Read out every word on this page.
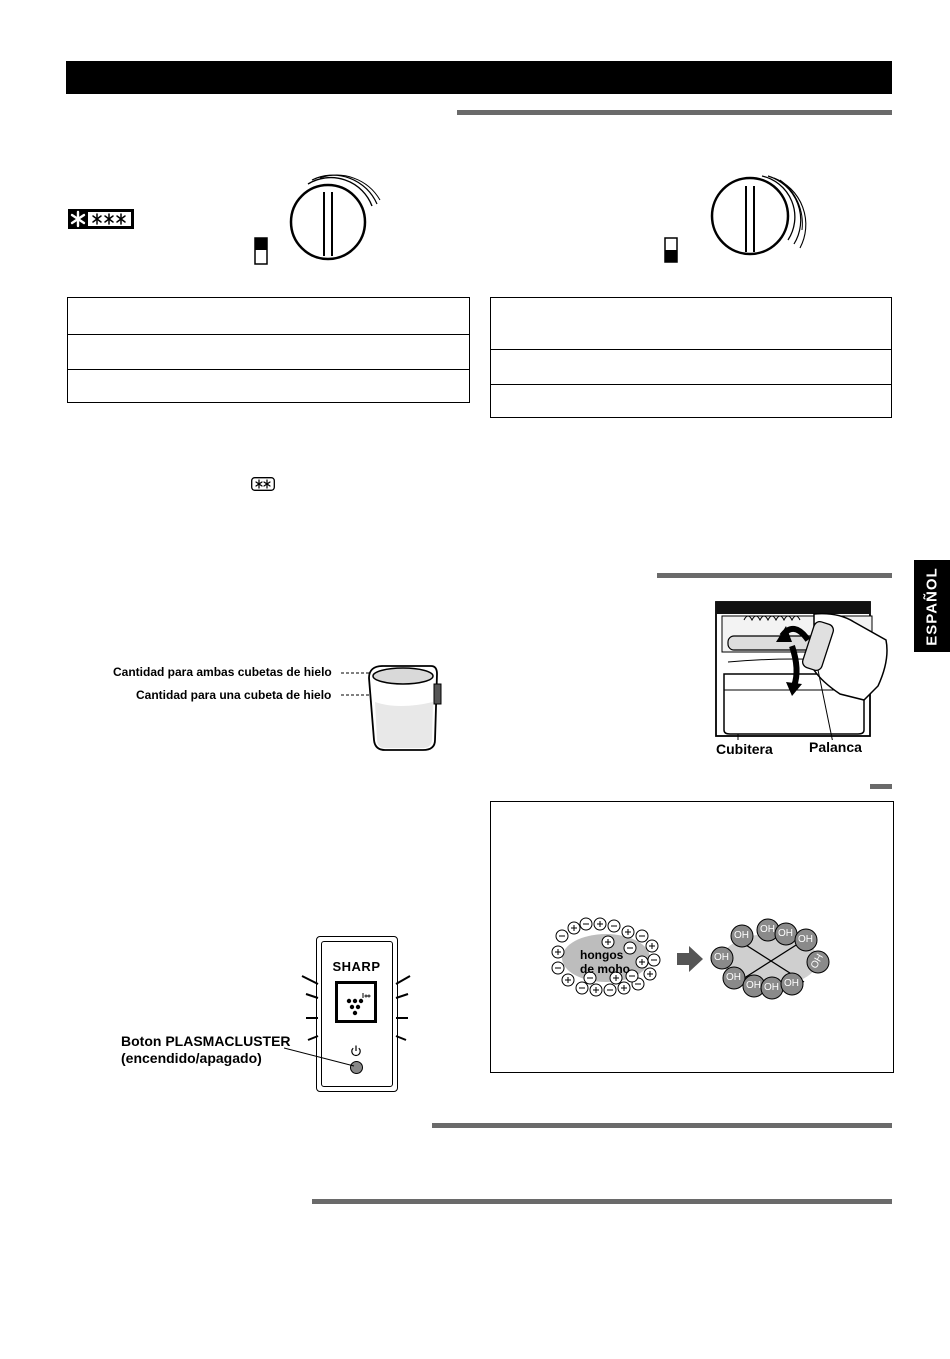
ESPAÑOL
Cantidad para ambas cubetas de hielo
Cantidad para una cubeta de hielo
Cubitera	Palanca
hongos
de moho
OH
OH OH
OH
OH	OH
OH
OH OH OH
SHARP
Boton PLASMACLUSTER
(encendido/apagado)
